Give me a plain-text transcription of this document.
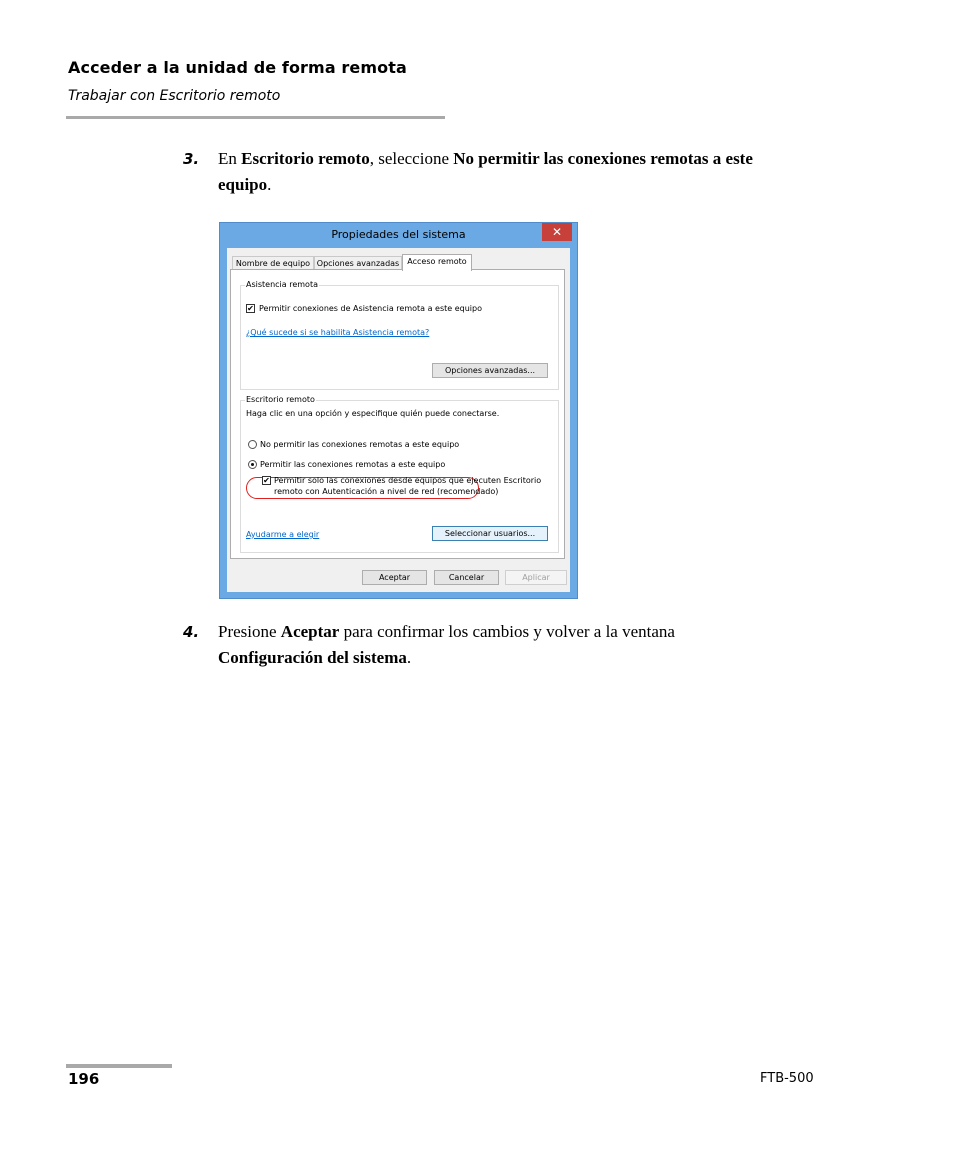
Acceder a la unidad de forma remota
Trabajar con Escritorio remoto
3. En Escritorio remoto, seleccione No permitir las conexiones remotas a este equipo.
Propiedades del sistema	✕
Nombre de equipo Opciones avanzadas	Acceso remoto
Asistencia remota
✔ Permitir conexiones de Asistencia remota a este equipo
¿Qué sucede si se habilita Asistencia remota?
Opciones avanzadas...
Escritorio remoto
Haga clic en una opción y especifique quién puede conectarse.
No permitir las conexiones remotas a este equipo
Permitir las conexiones remotas a este equipo
✔ Permitir solo las conexiones desde equipos que ejecuten Escritorio
remoto con Autenticación a nivel de red (recomendado)
Ayudarme a elegir	Seleccionar usuarios...
Aceptar	Cancelar	Aplicar
4. Presione Aceptar para confirmar los cambios y volver a la ventana Configuración del sistema.
196	FTB-500
